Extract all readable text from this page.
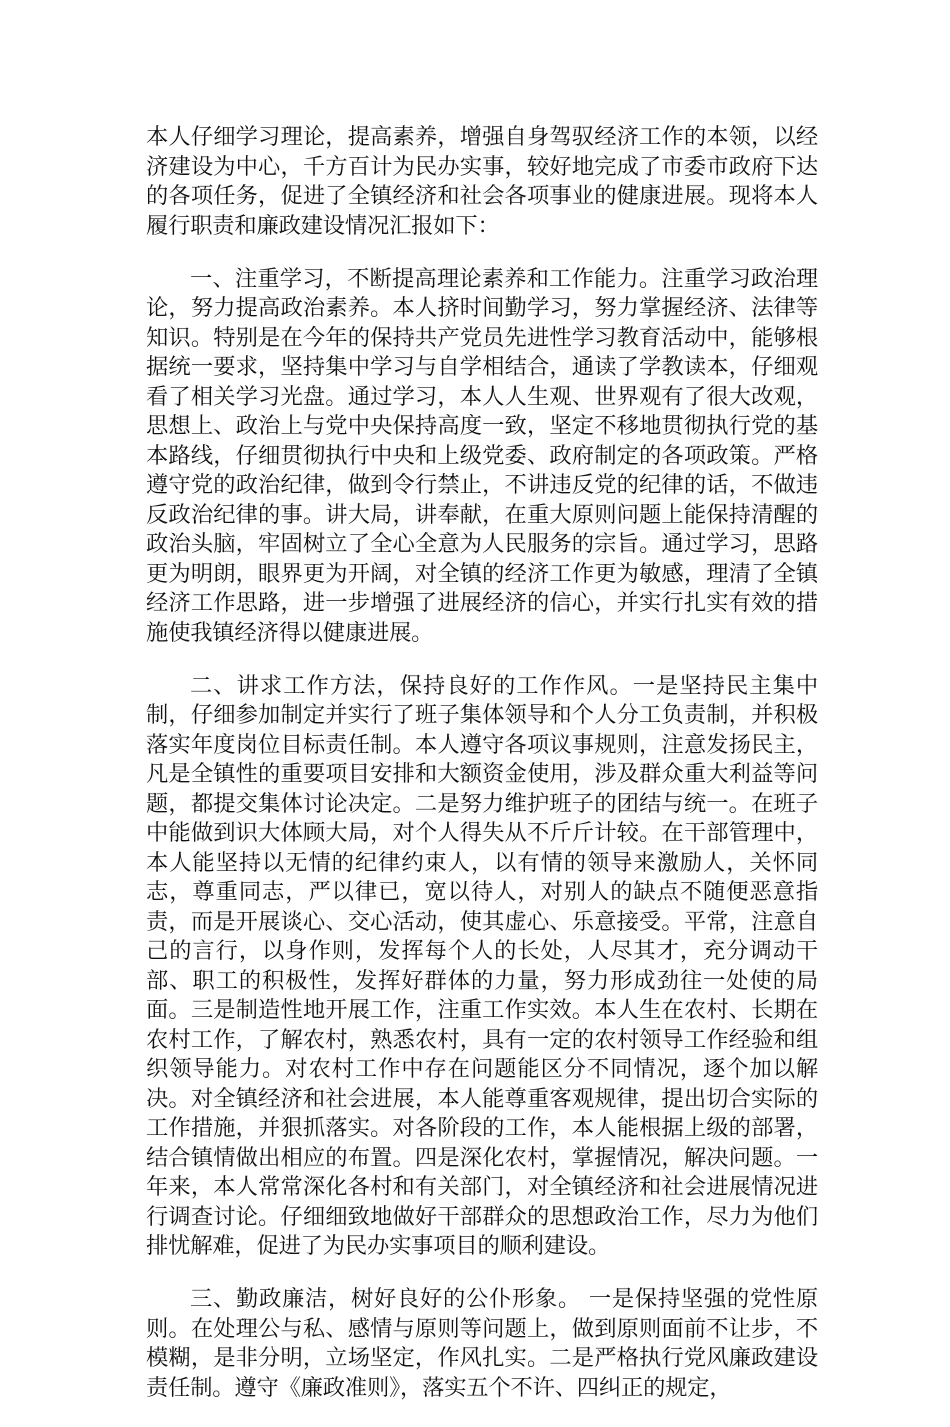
本人仔细学习理论，提高素养，增强自身驾驭经济工作的本领，以经济建设为中心，千方百计为民办实事，较好地完成了市委市政府下达的各项任务，促进了全镇经济和社会各项事业的健康进展。现将本人履行职责和廉政建设情况汇报如下：

一、注重学习，不断提高理论素养和工作能力。注重学习政治理论，努力提高政治素养。本人挤时间勤学习，努力掌握经济、法律等知识。特别是在今年的保持共产党员先进性学习教育活动中，能够根据统一要求，坚持集中学习与自学相结合，通读了学教读本，仔细观看了相关学习光盘。通过学习，本人人生观、世界观有了很大改观，思想上、政治上与党中央保持高度一致，坚定不移地贯彻执行党的基本路线，仔细贯彻执行中央和上级党委、政府制定的各项政策。严格遵守党的政治纪律，做到令行禁止，不讲违反党的纪律的话，不做违反政治纪律的事。讲大局，讲奉献，在重大原则问题上能保持清醒的政治头脑，牢固树立了全心全意为人民服务的宗旨。通过学习，思路更为明朗，眼界更为开阔，对全镇的经济工作更为敏感，理清了全镇经济工作思路，进一步增强了进展经济的信心，并实行扎实有效的措施使我镇经济得以健康进展。

二、讲求工作方法，保持良好的工作作风。一是坚持民主集中制，仔细参加制定并实行了班子集体领导和个人分工负责制，并积极落实年度岗位目标责任制。本人遵守各项议事规则，注意发扬民主，凡是全镇性的重要项目安排和大额资金使用，涉及群众重大利益等问题，都提交集体讨论决定。二是努力维护班子的团结与统一。在班子中能做到识大体顾大局，对个人得失从不斤斤计较。在干部管理中，本人能坚持以无情的纪律约束人，以有情的领导来激励人，关怀同志，尊重同志，严以律已，宽以待人，对别人的缺点不随便恶意指责，而是开展谈心、交心活动，使其虚心、乐意接受。平常，注意自己的言行，以身作则，发挥每个人的长处，人尽其才，充分调动干部、职工的积极性，发挥好群体的力量，努力形成劲往一处使的局面。三是制造性地开展工作，注重工作实效。本人生在农村、长期在农村工作，了解农村，熟悉农村，具有一定的农村领导工作经验和组织领导能力。对农村工作中存在问题能区分不同情况，逐个加以解决。对全镇经济和社会进展，本人能尊重客观规律，提出切合实际的工作措施，并狠抓落实。对各阶段的工作，本人能根据上级的部署，结合镇情做出相应的布置。四是深化农村，掌握情况，解决问题。一年来，本人常常深化各村和有关部门，对全镇经济和社会进展情况进行调查讨论。仔细细致地做好干部群众的思想政治工作，尽力为他们排忧解难，促进了为民办实事项目的顺利建设。

三、勤政廉洁，树好良好的公仆形象。 一是保持坚强的党性原则。在处理公与私、感情与原则等问题上，做到原则面前不让步，不模糊，是非分明，立场坚定，作风扎实。二是严格执行党风廉政建设责任制。遵守《廉政准则》，落实五个不许、四纠正的规定，
